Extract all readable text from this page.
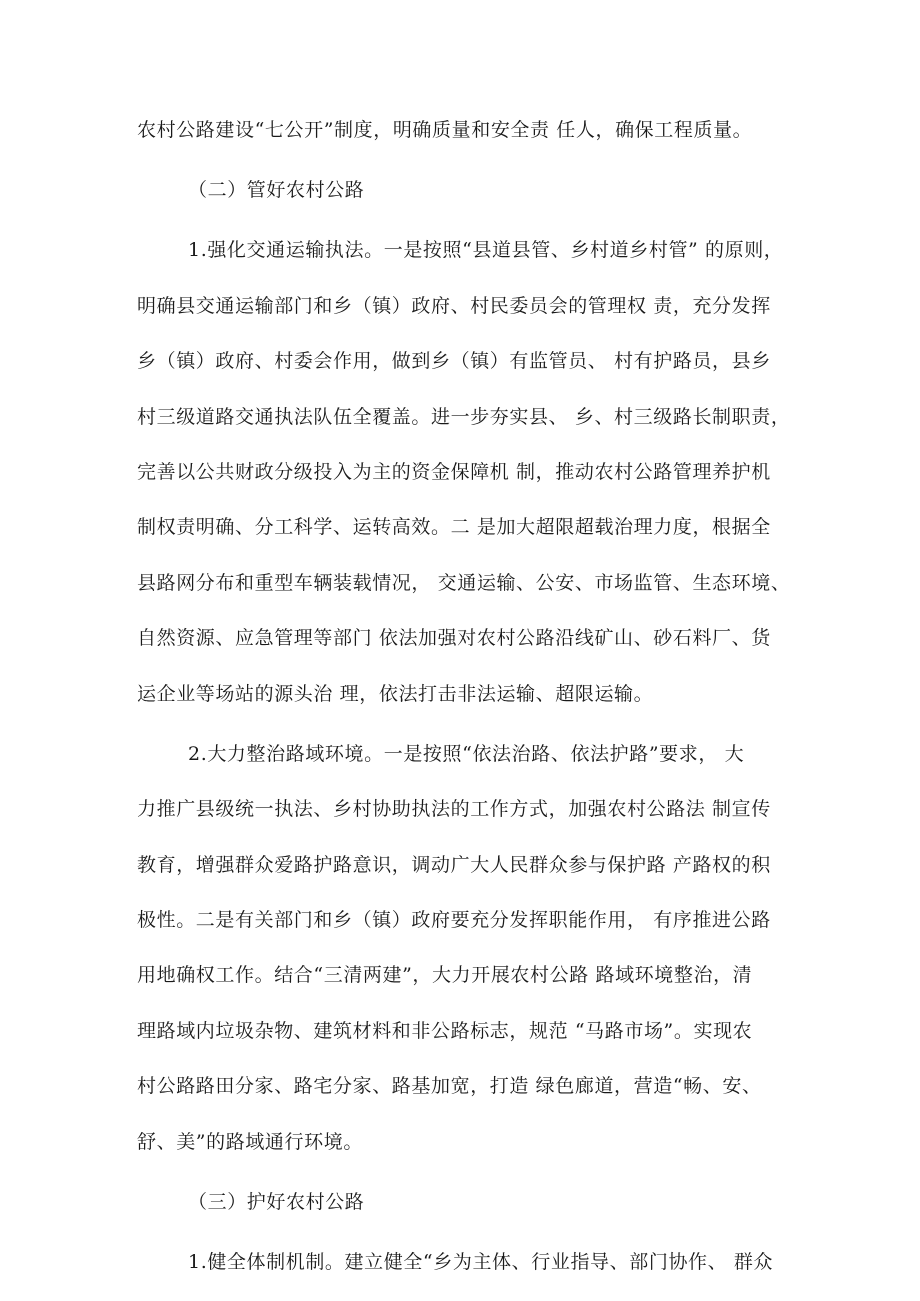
农村公路建设“七公开”制度，明确质量和安全责 任人，确保工程质量。
（二）管好农村公路
1.强化交通运输执法。一是按照“县道县管、乡村道乡村管” 的原则，
明确县交通运输部门和乡（镇）政府、村民委员会的管理权 责，充分发挥
乡（镇）政府、村委会作用，做到乡（镇）有监管员、 村有护路员，县乡
村三级道路交通执法队伍全覆盖。进一步夯实县、 乡、村三级路长制职责，
完善以公共财政分级投入为主的资金保障机 制，推动农村公路管理养护机
制权责明确、分工科学、运转高效。二 是加大超限超载治理力度，根据全
县路网分布和重型车辆装载情况， 交通运输、公安、市场监管、生态环境、
自然资源、应急管理等部门 依法加强对农村公路沿线矿山、砂石料厂、货
运企业等场站的源头治 理，依法打击非法运输、超限运输。
2.大力整治路域环境。一是按照“依法治路、依法护路”要求， 大
力推广县级统一执法、乡村协助执法的工作方式，加强农村公路法 制宣传
教育，增强群众爱路护路意识，调动广大人民群众参与保护路 产路权的积
极性。二是有关部门和乡（镇）政府要充分发挥职能作用， 有序推进公路
用地确权工作。结合“三清两建”，大力开展农村公路 路域环境整治，清
理路域内垃圾杂物、建筑材料和非公路标志，规范 “马路市场”。实现农
村公路路田分家、路宅分家、路基加宽，打造 绿色廊道，营造“畅、安、
舒、美”的路域通行环境。
（三）护好农村公路
1.健全体制机制。建立健全“乡为主体、行业指导、部门协作、 群众
